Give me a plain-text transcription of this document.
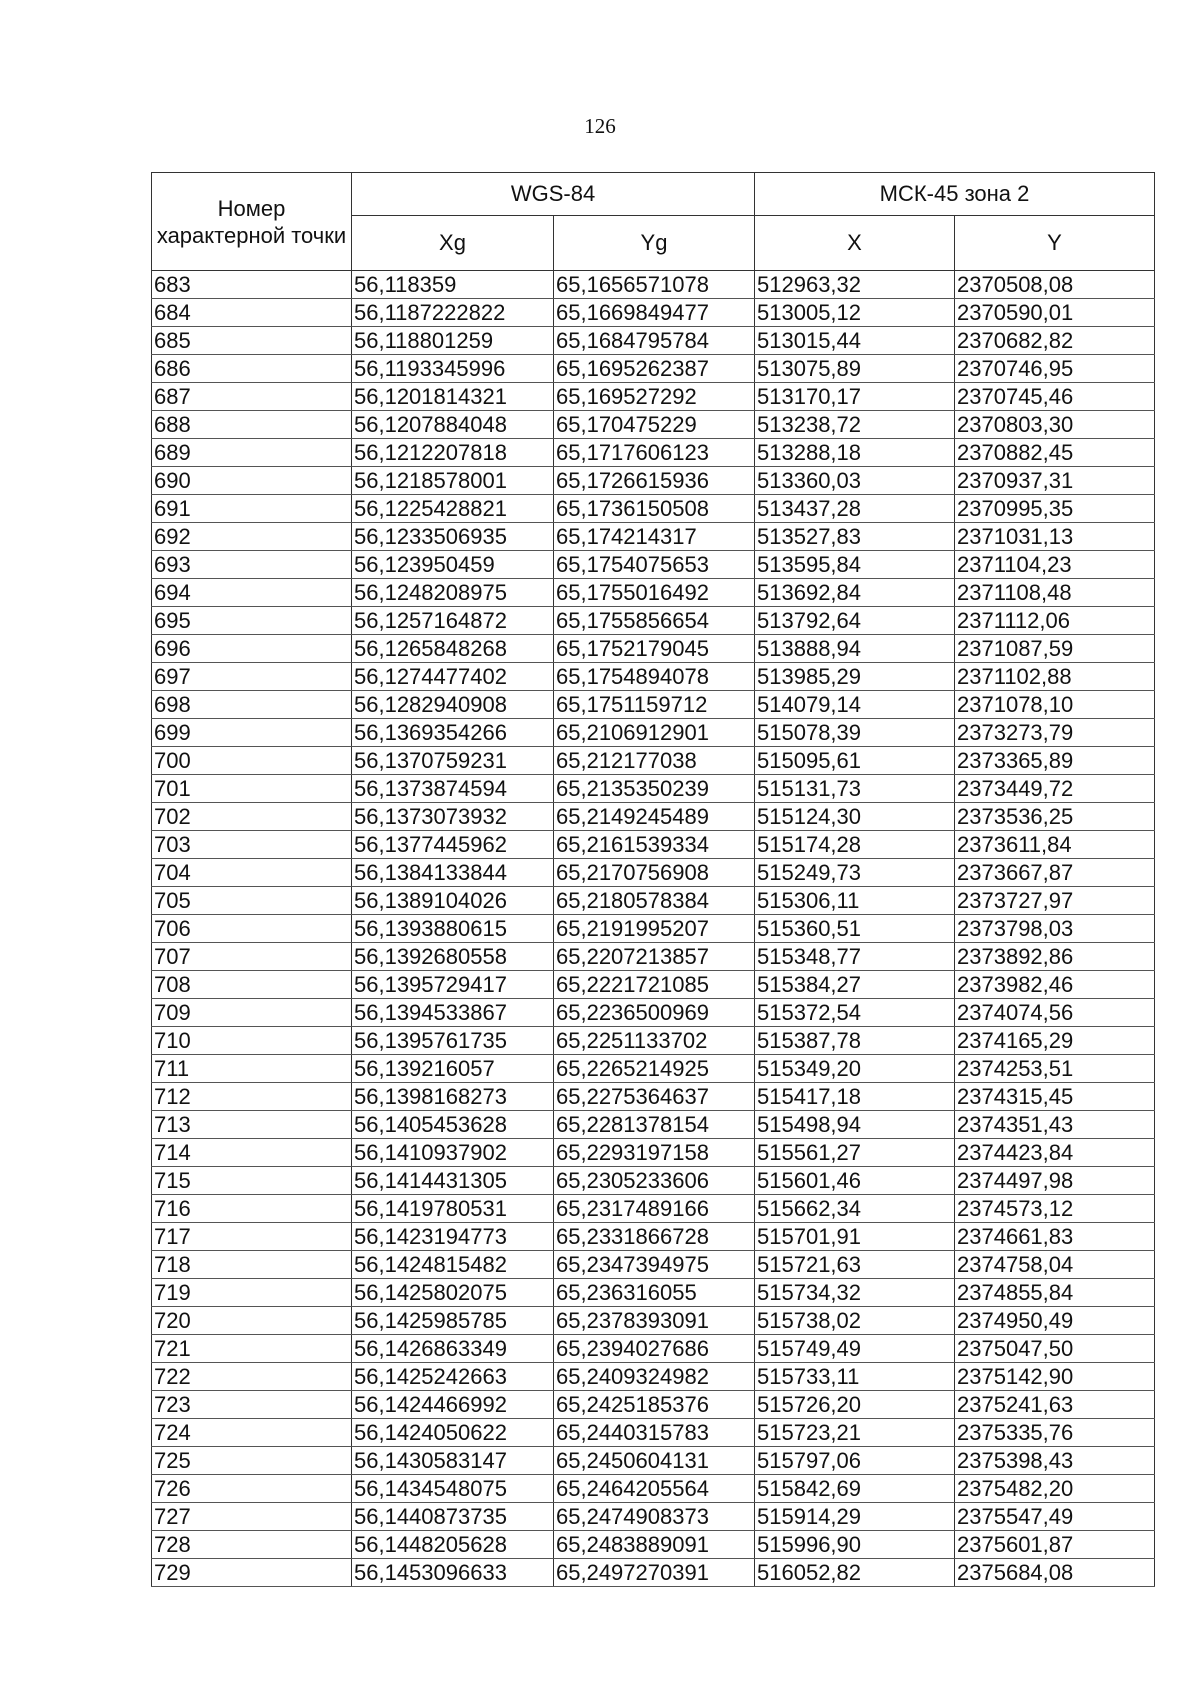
126
Номер характерной точки	WGS-84		МСК-45 зона 2	
	Xg	Yg	X	Y
683	56,118359	65,1656571078	512963,32	2370508,08
684	56,1187222822	65,1669849477	513005,12	2370590,01
685	56,118801259	65,1684795784	513015,44	2370682,82
686	56,1193345996	65,1695262387	513075,89	2370746,95
687	56,1201814321	65,169527292	513170,17	2370745,46
688	56,1207884048	65,170475229	513238,72	2370803,30
689	56,1212207818	65,1717606123	513288,18	2370882,45
690	56,1218578001	65,1726615936	513360,03	2370937,31
691	56,1225428821	65,1736150508	513437,28	2370995,35
692	56,1233506935	65,174214317	513527,83	2371031,13
693	56,123950459	65,1754075653	513595,84	2371104,23
694	56,1248208975	65,1755016492	513692,84	2371108,48
695	56,1257164872	65,1755856654	513792,64	2371112,06
696	56,1265848268	65,1752179045	513888,94	2371087,59
697	56,1274477402	65,1754894078	513985,29	2371102,88
698	56,1282940908	65,1751159712	514079,14	2371078,10
699	56,1369354266	65,2106912901	515078,39	2373273,79
700	56,1370759231	65,212177038	515095,61	2373365,89
701	56,1373874594	65,2135350239	515131,73	2373449,72
702	56,1373073932	65,2149245489	515124,30	2373536,25
703	56,1377445962	65,2161539334	515174,28	2373611,84
704	56,1384133844	65,2170756908	515249,73	2373667,87
705	56,1389104026	65,2180578384	515306,11	2373727,97
706	56,1393880615	65,2191995207	515360,51	2373798,03
707	56,1392680558	65,2207213857	515348,77	2373892,86
708	56,1395729417	65,2221721085	515384,27	2373982,46
709	56,1394533867	65,2236500969	515372,54	2374074,56
710	56,1395761735	65,2251133702	515387,78	2374165,29
711	56,139216057	65,2265214925	515349,20	2374253,51
712	56,1398168273	65,2275364637	515417,18	2374315,45
713	56,1405453628	65,2281378154	515498,94	2374351,43
714	56,1410937902	65,2293197158	515561,27	2374423,84
715	56,1414431305	65,2305233606	515601,46	2374497,98
716	56,1419780531	65,2317489166	515662,34	2374573,12
717	56,1423194773	65,2331866728	515701,91	2374661,83
718	56,1424815482	65,2347394975	515721,63	2374758,04
719	56,1425802075	65,236316055	515734,32	2374855,84
720	56,1425985785	65,2378393091	515738,02	2374950,49
721	56,1426863349	65,2394027686	515749,49	2375047,50
722	56,1425242663	65,2409324982	515733,11	2375142,90
723	56,1424466992	65,2425185376	515726,20	2375241,63
724	56,1424050622	65,2440315783	515723,21	2375335,76
725	56,1430583147	65,2450604131	515797,06	2375398,43
726	56,1434548075	65,2464205564	515842,69	2375482,20
727	56,1440873735	65,2474908373	515914,29	2375547,49
728	56,1448205628	65,2483889091	515996,90	2375601,87
729	56,1453096633	65,2497270391	516052,82	2375684,08
